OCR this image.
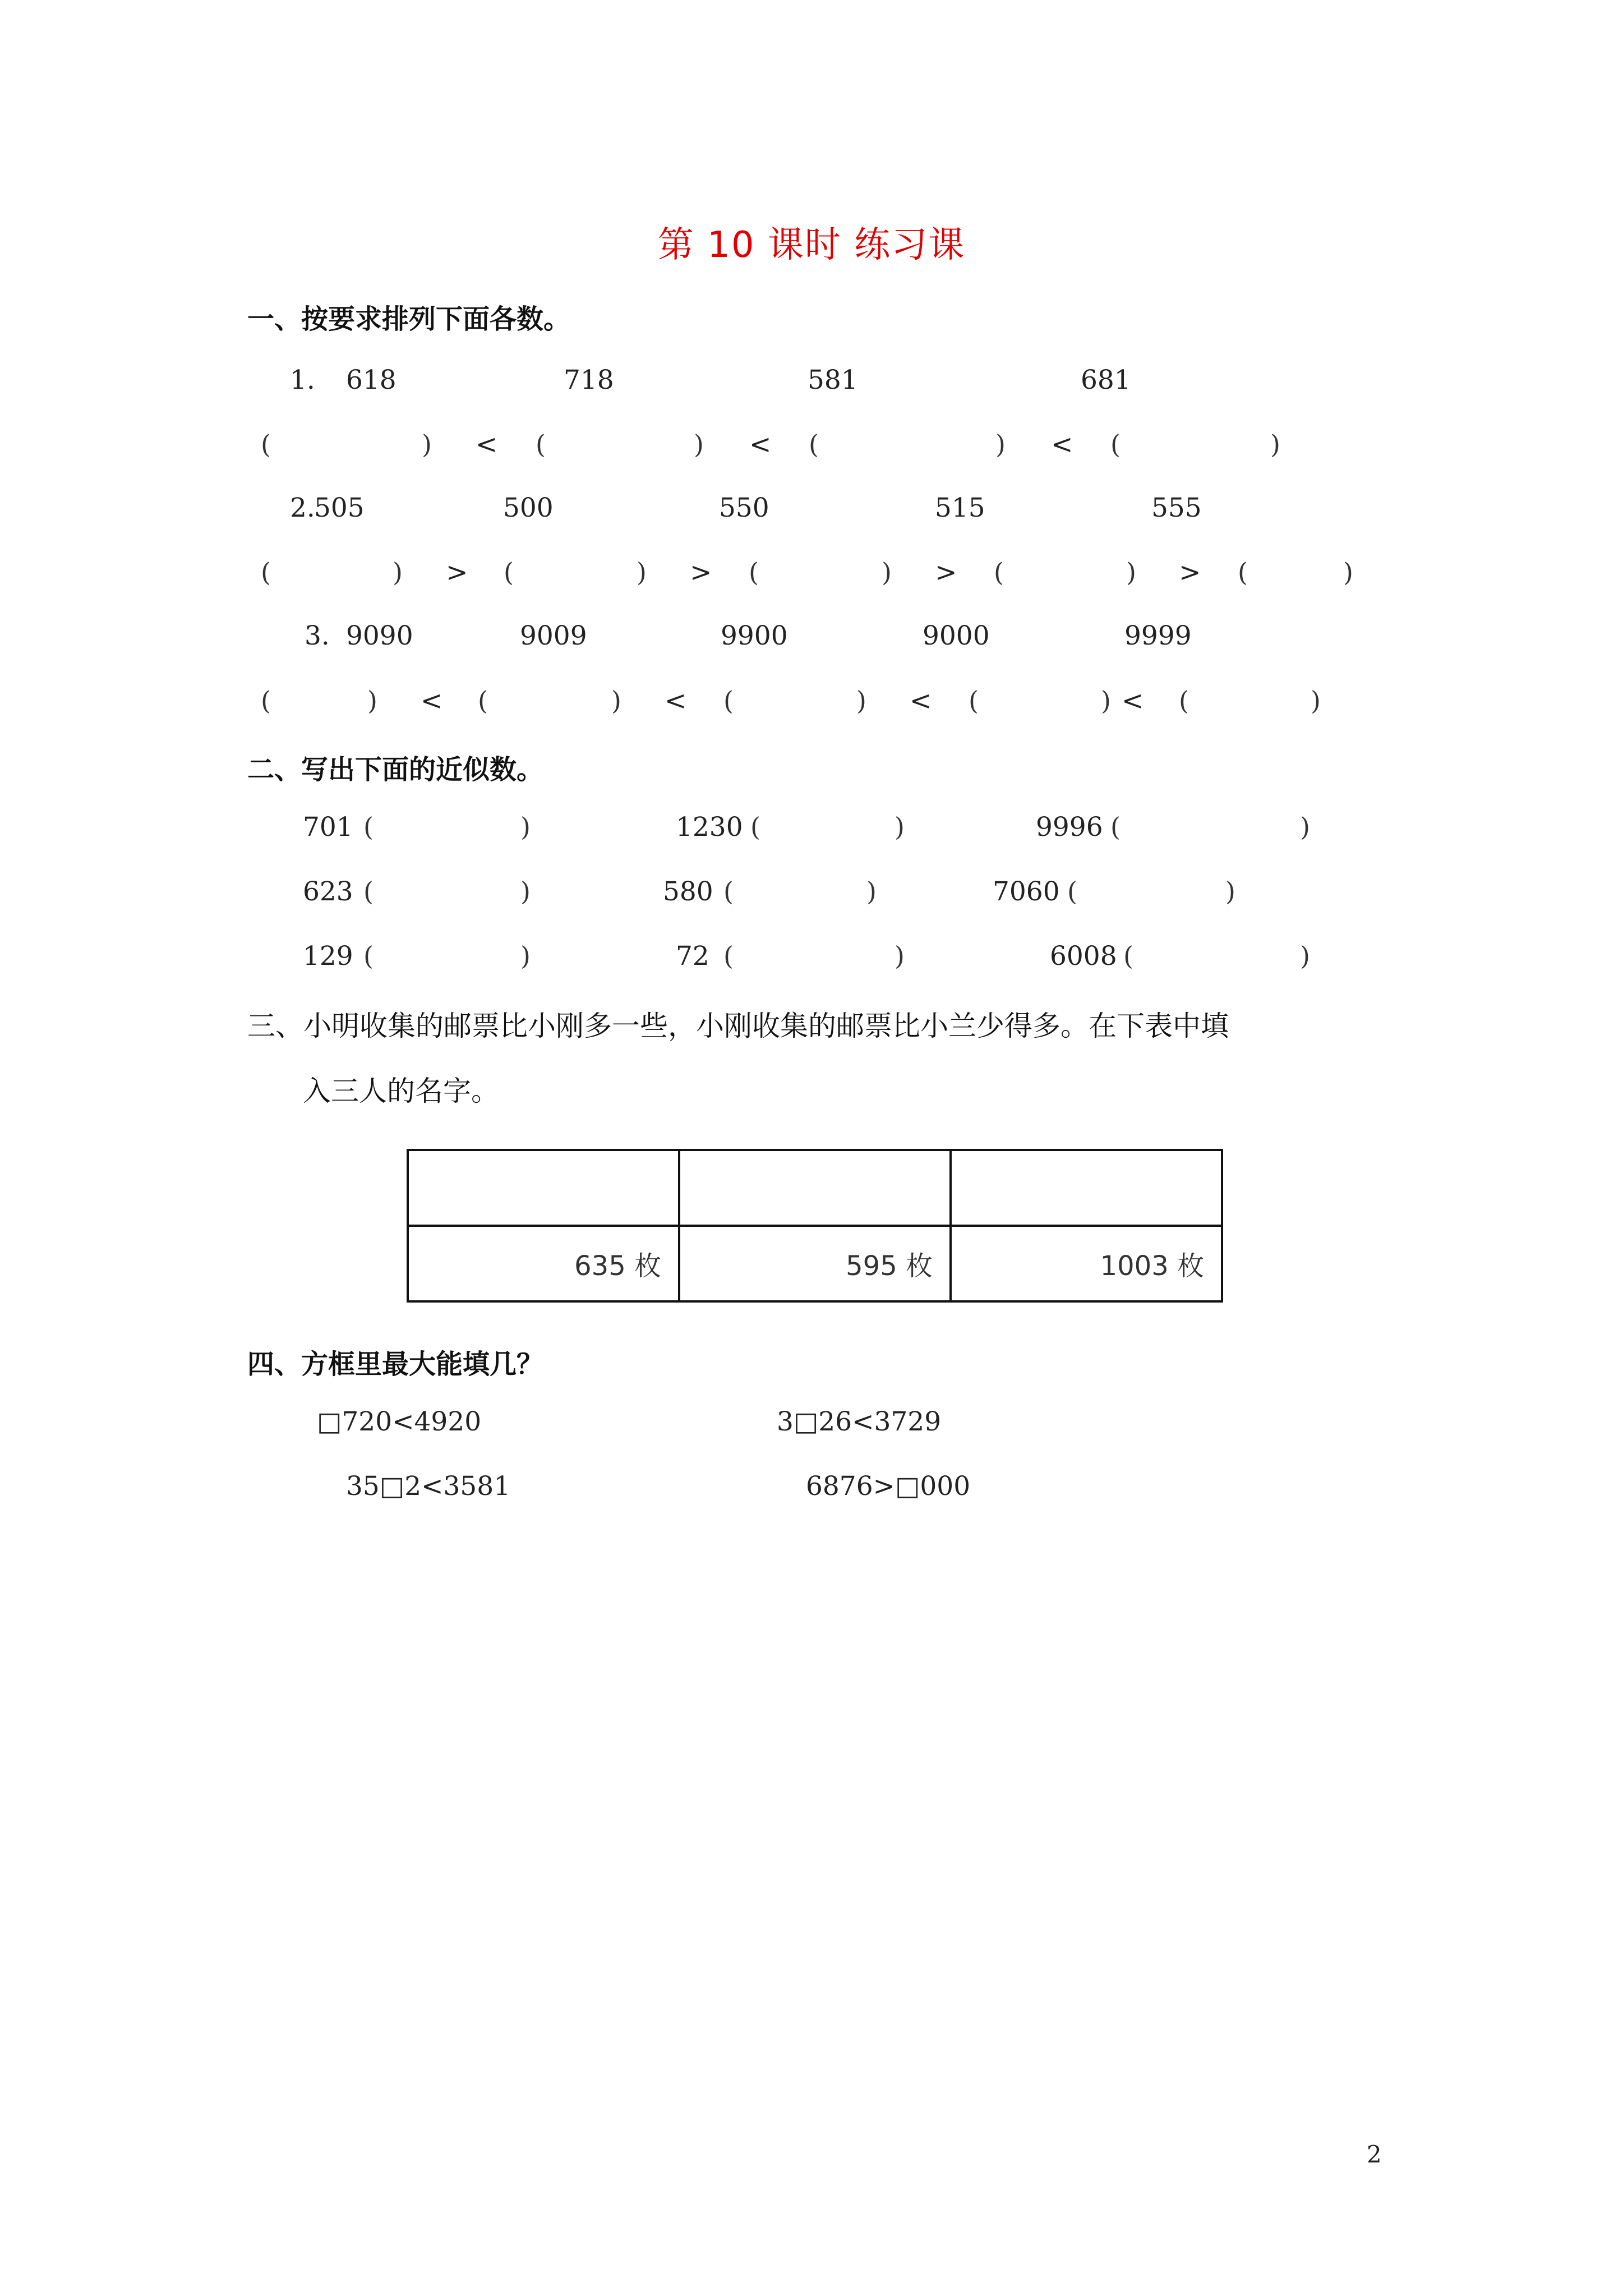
第 10 课时 练习课
一、按要求排列下面各数。
1. 618	718	581	681
(	) < (	) < (	) < (	)
2.
505	500	550	515	555
(	) > (	) > (	) > (	) > (	)
3. 9090	9009	9900	9000	9999
(	) < (	) < (	) < (	) < (	)
二、写出下面的近似数。
701 (	)	1230 (	)	9996 (	)
623 (	)	580 (	)	7060 (	)
129 (	)	72 (	)	6008 (	)
三、小明收集的邮票比小刚多一些，小刚收集的邮票比小兰少得多。在下表中填
入三人的名字。

635 枚	595 枚	1003 枚
四、方框里最大能填几？
□720<4920	3□26<3729
35□2<3581	6876>□000
2
